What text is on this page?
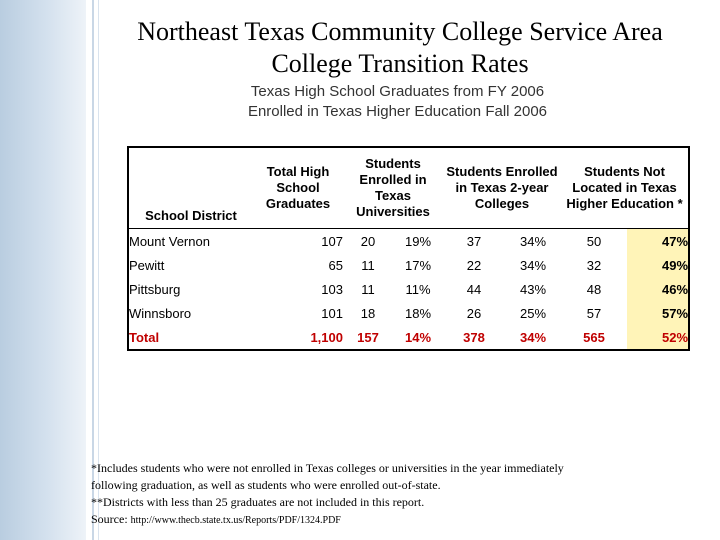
Northeast Texas Community College Service Area
College Transition Rates
Texas High School Graduates from FY 2006
Enrolled in Texas Higher Education Fall 2006
School District	Total High School Graduates	Students Enrolled in Texas Universities		Students Enrolled in Texas 2-year Colleges		Students Not Located in Texas Higher Education *	
Mount Vernon	107	20	19%	37	34%	50	47%
Pewitt	65	11	17%	22	34%	32	49%
Pittsburg	103	11	11%	44	43%	48	46%
Winnsboro	101	18	18%	26	25%	57	57%
Total	1,100	157	14%	378	34%	565	52%
*Includes students who were not enrolled in Texas colleges or universities in the year immediately
following graduation, as well as students who were enrolled out-of-state.
**Districts with less than 25 graduates are not included in this report.
Source: http://www.thecb.state.tx.us/Reports/PDF/1324.PDF
